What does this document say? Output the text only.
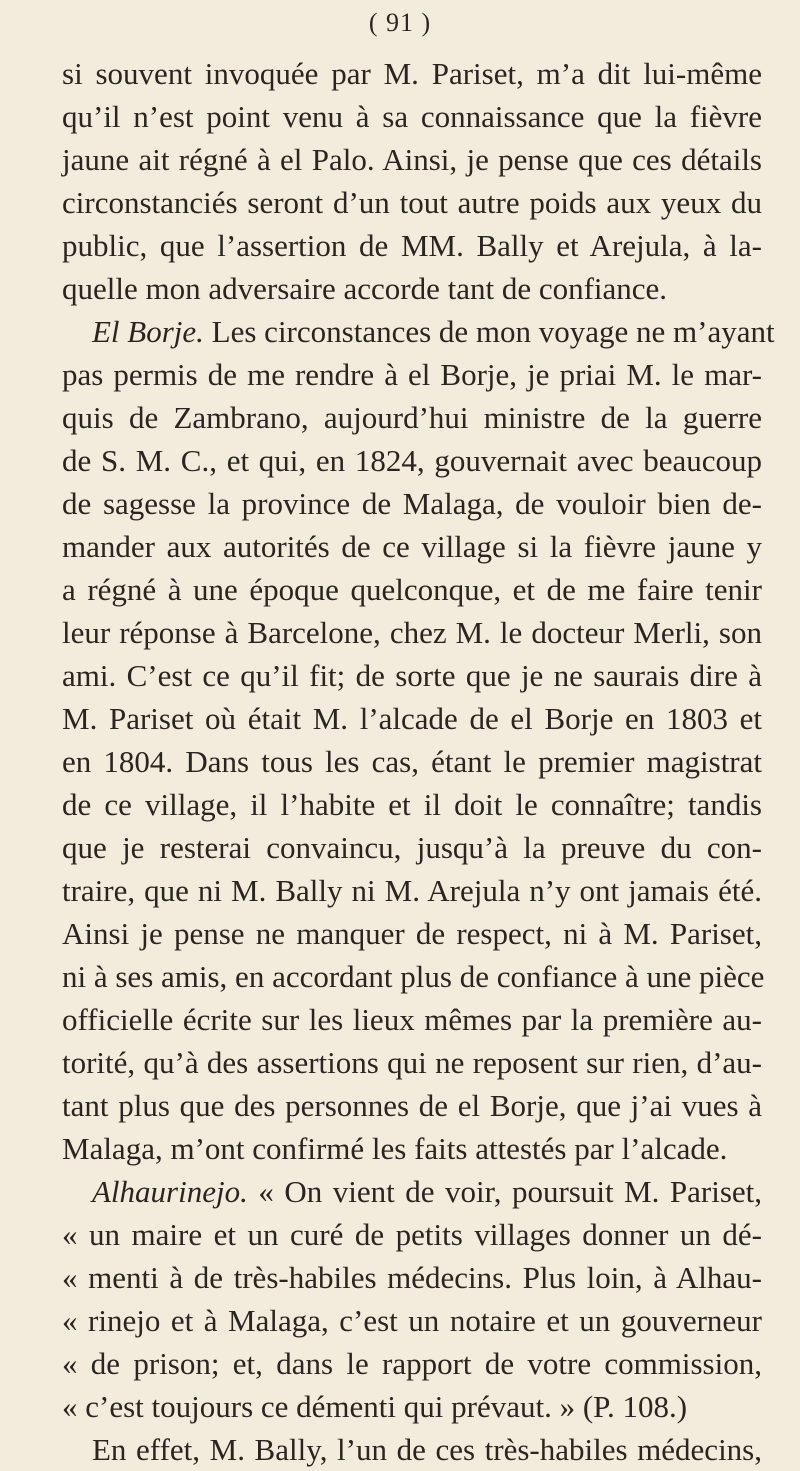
( 91 )
si souvent invoquée par M. Pariset, m’a dit lui-même
qu’il n’est point venu à sa connaissance que la fièvre
jaune ait régné à el Palo. Ainsi, je pense que ces détails
circonstanciés seront d’un tout autre poids aux yeux du
public, que l’assertion de MM. Bally et Arejula, à la-
quelle mon adversaire accorde tant de confiance.
El Borje. Les circonstances de mon voyage ne m’ayant
pas permis de me rendre à el Borje, je priai M. le mar-
quis de Zambrano, aujourd’hui ministre de la guerre
de S. M. C., et qui, en 1824, gouvernait avec beaucoup
de sagesse la province de Malaga, de vouloir bien de-
mander aux autorités de ce village si la fièvre jaune y
a régné à une époque quelconque, et de me faire tenir
leur réponse à Barcelone, chez M. le docteur Merli, son
ami. C’est ce qu’il fit; de sorte que je ne saurais dire à
M. Pariset où était M. l’alcade de el Borje en 1803 et
en 1804. Dans tous les cas, étant le premier magistrat
de ce village, il l’habite et il doit le connaître; tandis
que je resterai convaincu, jusqu’à la preuve du con-
traire, que ni M. Bally ni M. Arejula n’y ont jamais été.
Ainsi je pense ne manquer de respect, ni à M. Pariset,
ni à ses amis, en accordant plus de confiance à une pièce
officielle écrite sur les lieux mêmes par la première au-
torité, qu’à des assertions qui ne reposent sur rien, d’au-
tant plus que des personnes de el Borje, que j’ai vues à
Malaga, m’ont confirmé les faits attestés par l’alcade.
Alhaurinejo. « On vient de voir, poursuit M. Pariset,
« un maire et un curé de petits villages donner un dé-
« menti à de très-habiles médecins. Plus loin, à Alhau-
« rinejo et à Malaga, c’est un notaire et un gouverneur
« de prison; et, dans le rapport de votre commission,
« c’est toujours ce démenti qui prévaut. » (P. 108.)
En effet, M. Bally, l’un de ces très-habiles médecins,
